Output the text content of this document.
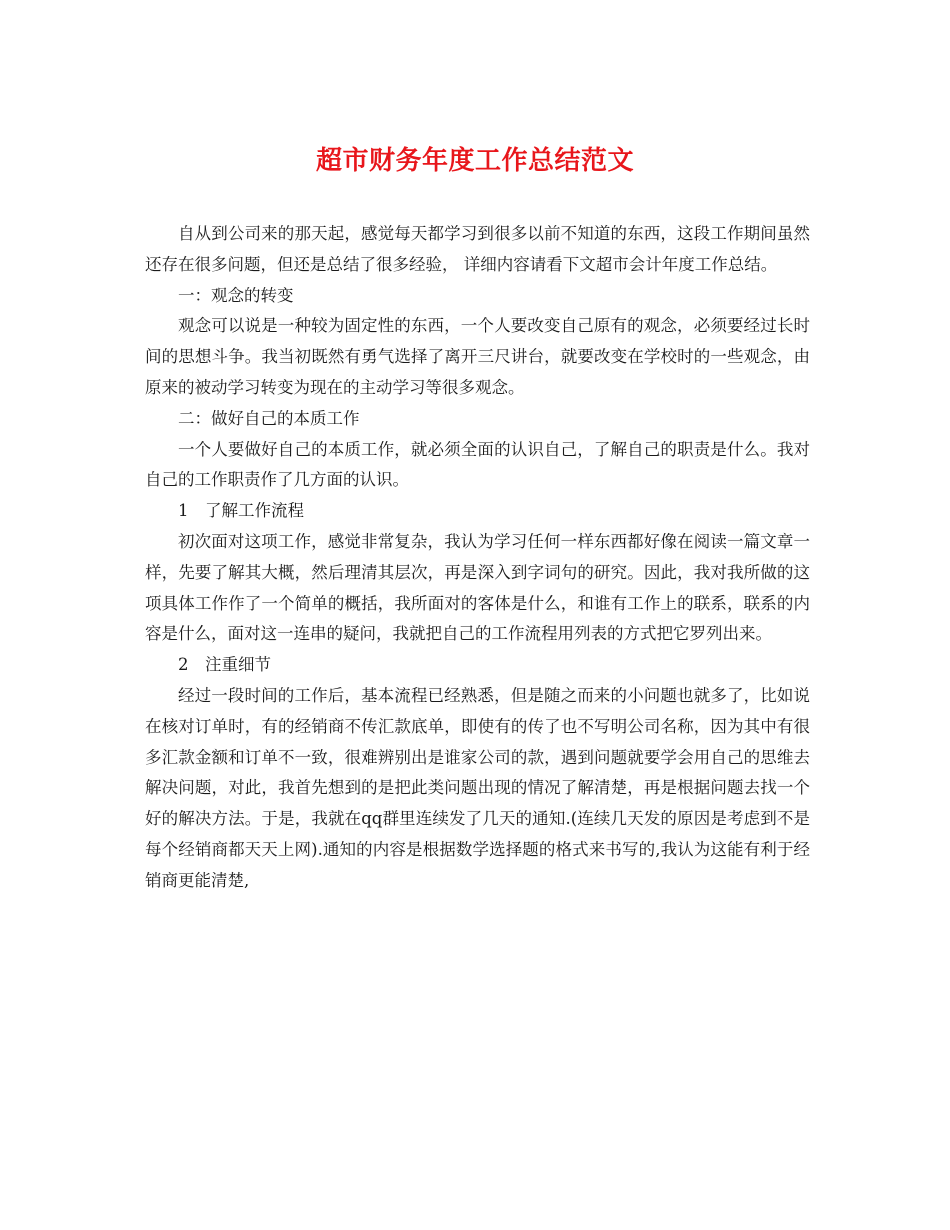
超市财务年度工作总结范文

自从到公司来的那天起，感觉每天都学习到很多以前不知道的东西，这段工作期间虽然还存在很多问题，但还是总结了很多经验， 详细内容请看下文超市会计年度工作总结。

一：观念的转变

观念可以说是一种较为固定性的东西，一个人要改变自己原有的观念，必须要经过长时间的思想斗争。我当初既然有勇气选择了离开三尺讲台，就要改变在学校时的一些观念，由原来的被动学习转变为现在的主动学习等很多观念。

二：做好自己的本质工作

一个人要做好自己的本质工作，就必须全面的认识自己，了解自己的职责是什么。我对自己的工作职责作了几方面的认识。

1　了解工作流程

初次面对这项工作，感觉非常复杂，我认为学习任何一样东西都好像在阅读一篇文章一样，先要了解其大概，然后理清其层次，再是深入到字词句的研究。因此，我对我所做的这项具体工作作了一个简单的概括，我所面对的客体是什么，和谁有工作上的联系，联系的内容是什么，面对这一连串的疑问，我就把自己的工作流程用列表的方式把它罗列出来。

2　注重细节

经过一段时间的工作后，基本流程已经熟悉，但是随之而来的小问题也就多了，比如说在核对订单时，有的经销商不传汇款底单，即使有的传了也不写明公司名称，因为其中有很多汇款金额和订单不一致，很难辨别出是谁家公司的款，遇到问题就要学会用自己的思维去解决问题，对此，我首先想到的是把此类问题出现的情况了解清楚，再是根据问题去找一个好的解决方法。于是，我就在qq群里连续发了几天的通知.(连续几天发的原因是考虑到不是每个经销商都天天上网).通知的内容是根据数学选择题的格式来书写的,我认为这能有利于经销商更能清楚,
